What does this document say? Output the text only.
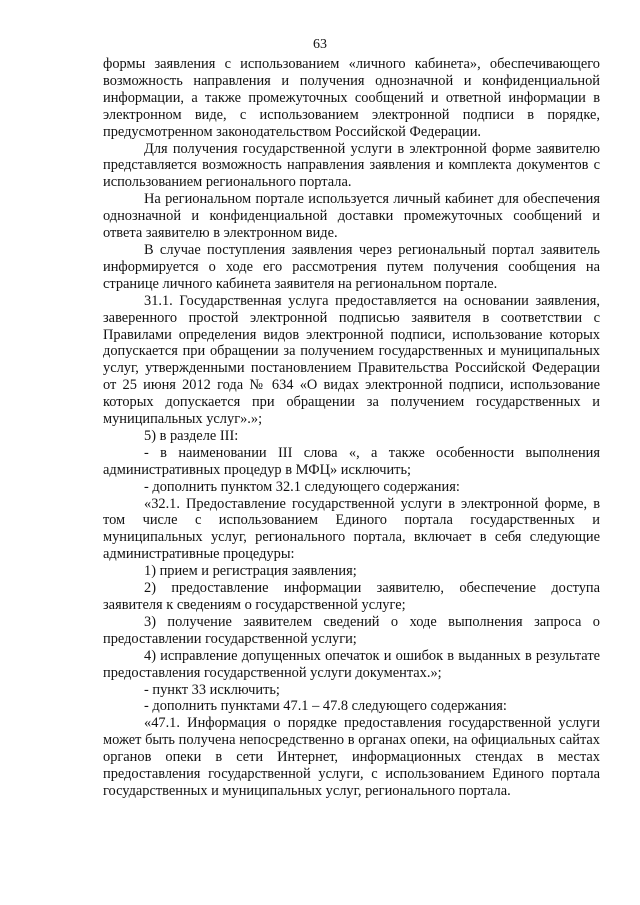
63

формы заявления с использованием «личного кабинета», обеспечивающего возможность направления и получения однозначной и конфиденциальной информации, а также промежуточных сообщений и ответной информации в электронном виде, с использованием электронной подписи в порядке, предусмотренном законодательством Российской Федерации.

Для получения государственной услуги в электронной форме заявителю представляется возможность направления заявления и комплекта документов с использованием регионального портала.

На региональном портале используется личный кабинет для обеспечения однозначной и конфиденциальной доставки промежуточных сообщений и ответа заявителю в электронном виде.

В случае поступления заявления через региональный портал заявитель информируется о ходе его рассмотрения путем получения сообщения на странице личного кабинета заявителя на региональном портале.

31.1. Государственная услуга предоставляется на основании заявления, заверенного простой электронной подписью заявителя в соответствии с Правилами определения видов электронной подписи, использование которых допускается при обращении за получением государственных и муниципальных услуг, утвержденными постановлением Правительства Российской Федерации от 25 июня 2012 года № 634 «О видах электронной подписи, использование которых допускается при обращении за получением государственных и муниципальных услуг».»;

5) в разделе III:

- в наименовании III слова «, а также особенности выполнения административных процедур в МФЦ» исключить;

- дополнить пунктом 32.1 следующего содержания:

«32.1. Предоставление государственной услуги в электронной форме, в том числе с использованием Единого портала государственных и муниципальных услуг, регионального портала, включает в себя следующие административные процедуры:

1) прием и регистрация заявления;

2) предоставление информации заявителю, обеспечение доступа заявителя к сведениям о государственной услуге;

3) получение заявителем сведений о ходе выполнения запроса о предоставлении государственной услуги;

4) исправление допущенных опечаток и ошибок в выданных в результате предоставления государственной услуги документах.»;

- пункт 33 исключить;

- дополнить пунктами 47.1 – 47.8 следующего содержания:

«47.1. Информация о порядке предоставления государственной услуги может быть получена непосредственно в органах опеки, на официальных сайтах органов опеки в сети Интернет, информационных стендах в местах предоставления государственной услуги, с использованием Единого портала государственных и муниципальных услуг, регионального портала.
